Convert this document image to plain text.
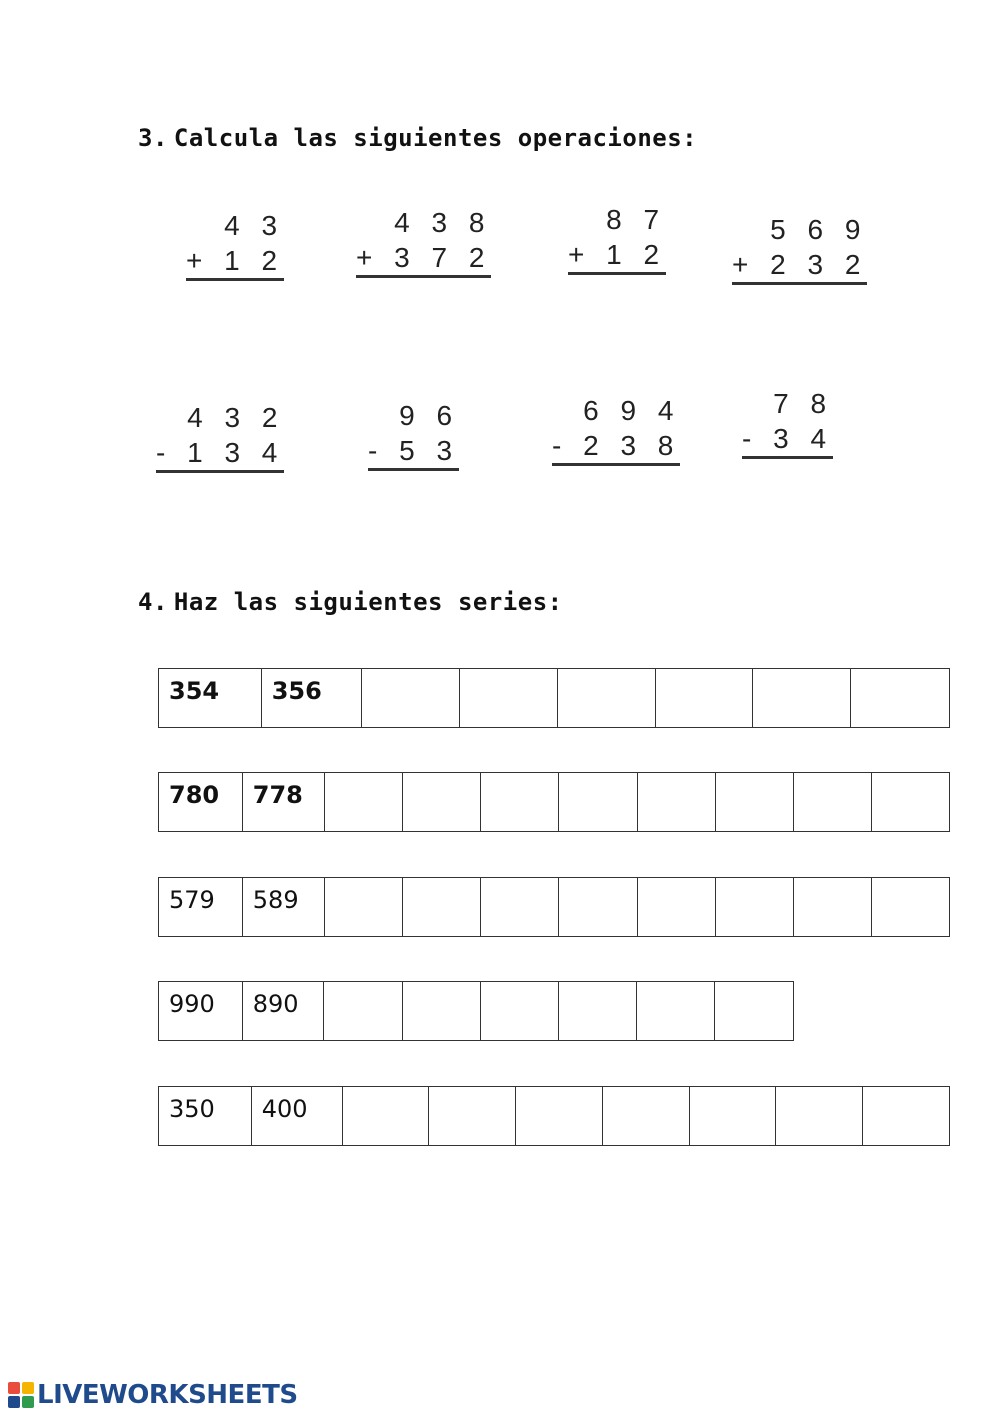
3. Calcula las siguientes operaciones:
4 3
+ 1 2
4 3 8
+ 3 7 2
8 7
+ 1 2
5 6 9
+ 2 3 2
4 3 2
- 1 3 4
9 6
- 5 3
6 9 4
- 2 3 8
7 8
- 3 4
4. Haz las siguientes series:
354	356
780	778
579	589
990	890
350	400
LIVEWORKSHEETS
